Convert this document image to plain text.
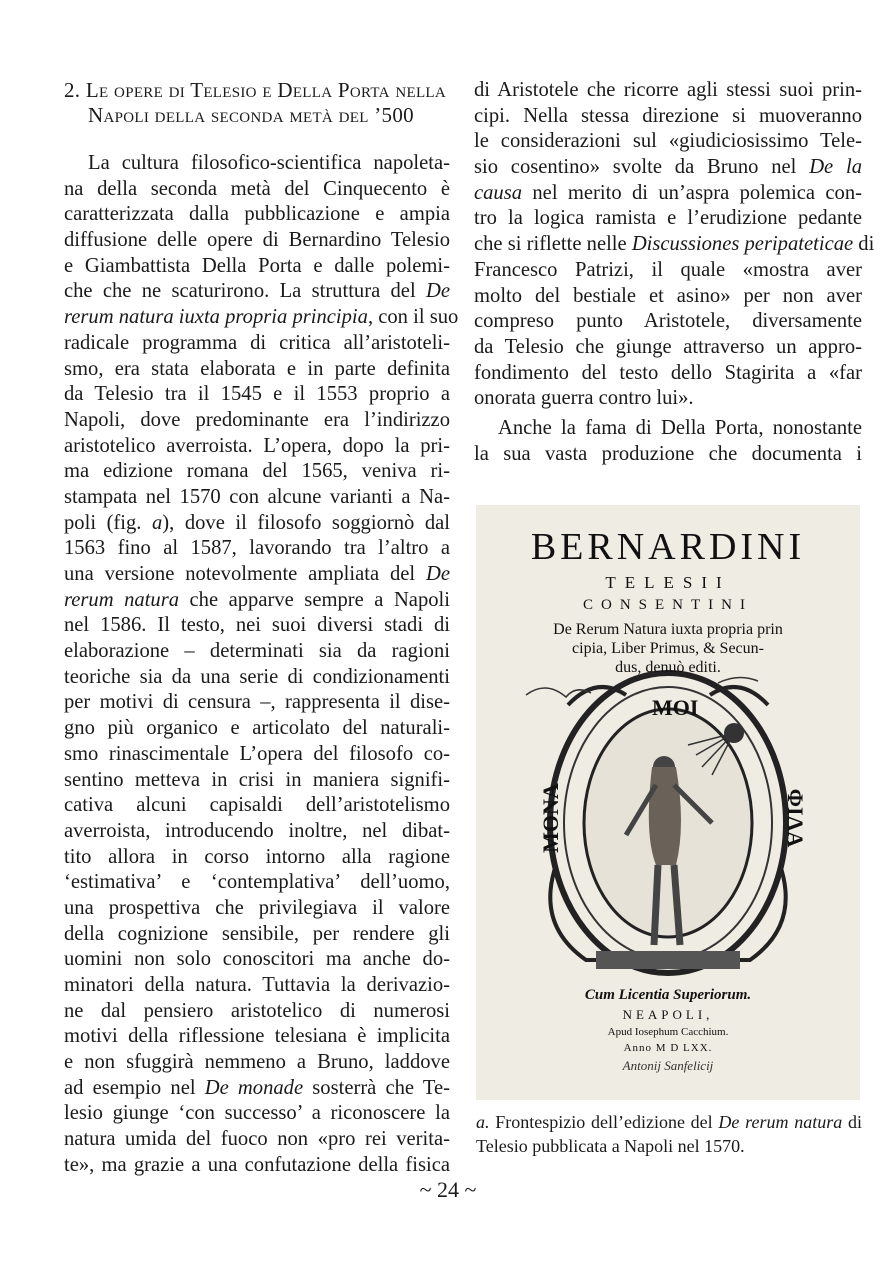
2. Le opere di Telesio e Della Porta nella
Napoli della seconda metà del ’500
La cultura filosofico-scientifica napoleta-
na della seconda metà del Cinquecento è
caratterizzata dalla pubblicazione e ampia
diffusione delle opere di Bernardino Telesio
e Giambattista Della Porta e dalle polemi-
che che ne scaturirono. La struttura del De
rerum natura iuxta propria principia, con il suo
radicale programma di critica all’aristoteli-
smo, era stata elaborata e in parte definita
da Telesio tra il 1545 e il 1553 proprio a
Napoli, dove predominante era l’indirizzo
aristotelico averroista. L’opera, dopo la pri-
ma edizione romana del 1565, veniva ri-
stampata nel 1570 con alcune varianti a Na-
poli (fig. a), dove il filosofo soggiornò dal
1563 fino al 1587, lavorando tra l’altro a
una versione notevolmente ampliata del De
rerum natura che apparve sempre a Napoli
nel 1586. Il testo, nei suoi diversi stadi di
elaborazione – determinati sia da ragioni
teoriche sia da una serie di condizionamenti
per motivi di censura –, rappresenta il dise-
gno più organico e articolato del naturali-
smo rinascimentale L’opera del filosofo co-
sentino metteva in crisi in maniera signifi-
cativa alcuni capisaldi dell’aristotelismo
averroista, introducendo inoltre, nel dibat-
tito allora in corso intorno alla ragione
‘estimativa’ e ‘contemplativa’ dell’uomo,
una prospettiva che privilegiava il valore
della cognizione sensibile, per rendere gli
uomini non solo conoscitori ma anche do-
minatori della natura. Tuttavia la derivazio-
ne dal pensiero aristotelico di numerosi
motivi della riflessione telesiana è implicita
e non sfuggirà nemmeno a Bruno, laddove
ad esempio nel De monade sosterrà che Te-
lesio giunge ‘con successo’ a riconoscere la
natura umida del fuoco non «pro rei verita-
te», ma grazie a una confutazione della fisica
di Aristotele che ricorre agli stessi suoi prin-
cipi. Nella stessa direzione si muoveranno
le considerazioni sul «giudiciosissimo Tele-
sio cosentino» svolte da Bruno nel De la
causa nel merito di un’aspra polemica con-
tro la logica ramista e l’erudizione pedante
che si riflette nelle Discussiones peripateticae di
Francesco Patrizi, il quale «mostra aver
molto del bestiale et asino» per non aver
compreso punto Aristotele, diversamente
da Telesio che giunge attraverso un appro-
fondimento del testo dello Stagirita a «far
onorata guerra contro lui».
Anche la fama di Della Porta, nonostante
la sua vasta produzione che documenta i
BERNARDINI
TELESII
CONSENTINI
De Rerum Natura iuxta propria prin
cipia, Liber Primus, & Secun-
dus, denuò editi.
MOI
MONA	ΦΙΛΑ
Cum Licentia Superiorum.
NEAPOLI,
Apud Iosephum Cacchium.
Anno M D LXX.
Antonij Sanfelicij
a. Frontespizio dell’edizione del De rerum natura di
Telesio pubblicata a Napoli nel 1570.
~ 24 ~
